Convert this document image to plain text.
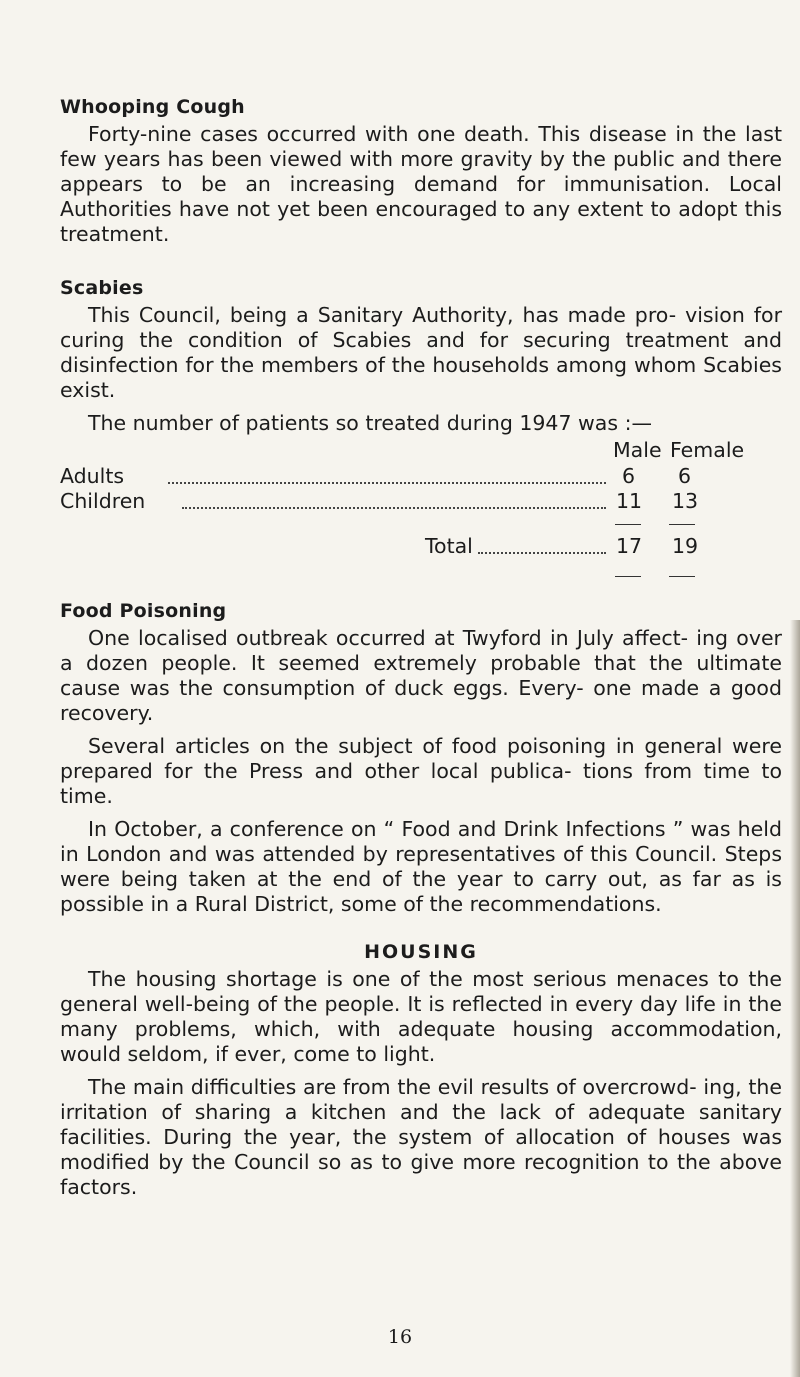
Whooping Cough

Forty-nine cases occurred with one death. This disease in the last few years has been viewed with more gravity by the public and there appears to be an increasing demand for immunisation. Local Authorities have not yet been encouraged to any extent to adopt this treatment.

Scabies

This Council, being a Sanitary Authority, has made pro- vision for curing the condition of Scabies and for securing treatment and disinfection for the members of the households among whom Scabies exist.

The number of patients so treated during 1947 was :—

Male Female
Adults	6 6
Children	11 13
Total	17 19
Food Poisoning

One localised outbreak occurred at Twyford in July affect- ing over a dozen people. It seemed extremely probable that the ultimate cause was the consumption of duck eggs. Every- one made a good recovery.

Several articles on the subject of food poisoning in general were prepared for the Press and other local publica- tions from time to time.

In October, a conference on “ Food and Drink Infections ” was held in London and was attended by representatives of this Council. Steps were being taken at the end of the year to carry out, as far as is possible in a Rural District, some of the recommendations.

HOUSING

The housing shortage is one of the most serious menaces to the general well-being of the people. It is reflected in every day life in the many problems, which, with adequate housing accommodation, would seldom, if ever, come to light.

The main difficulties are from the evil results of overcrowd- ing, the irritation of sharing a kitchen and the lack of adequate sanitary facilities. During the year, the system of allocation of houses was modified by the Council so as to give more recognition to the above factors.

16
